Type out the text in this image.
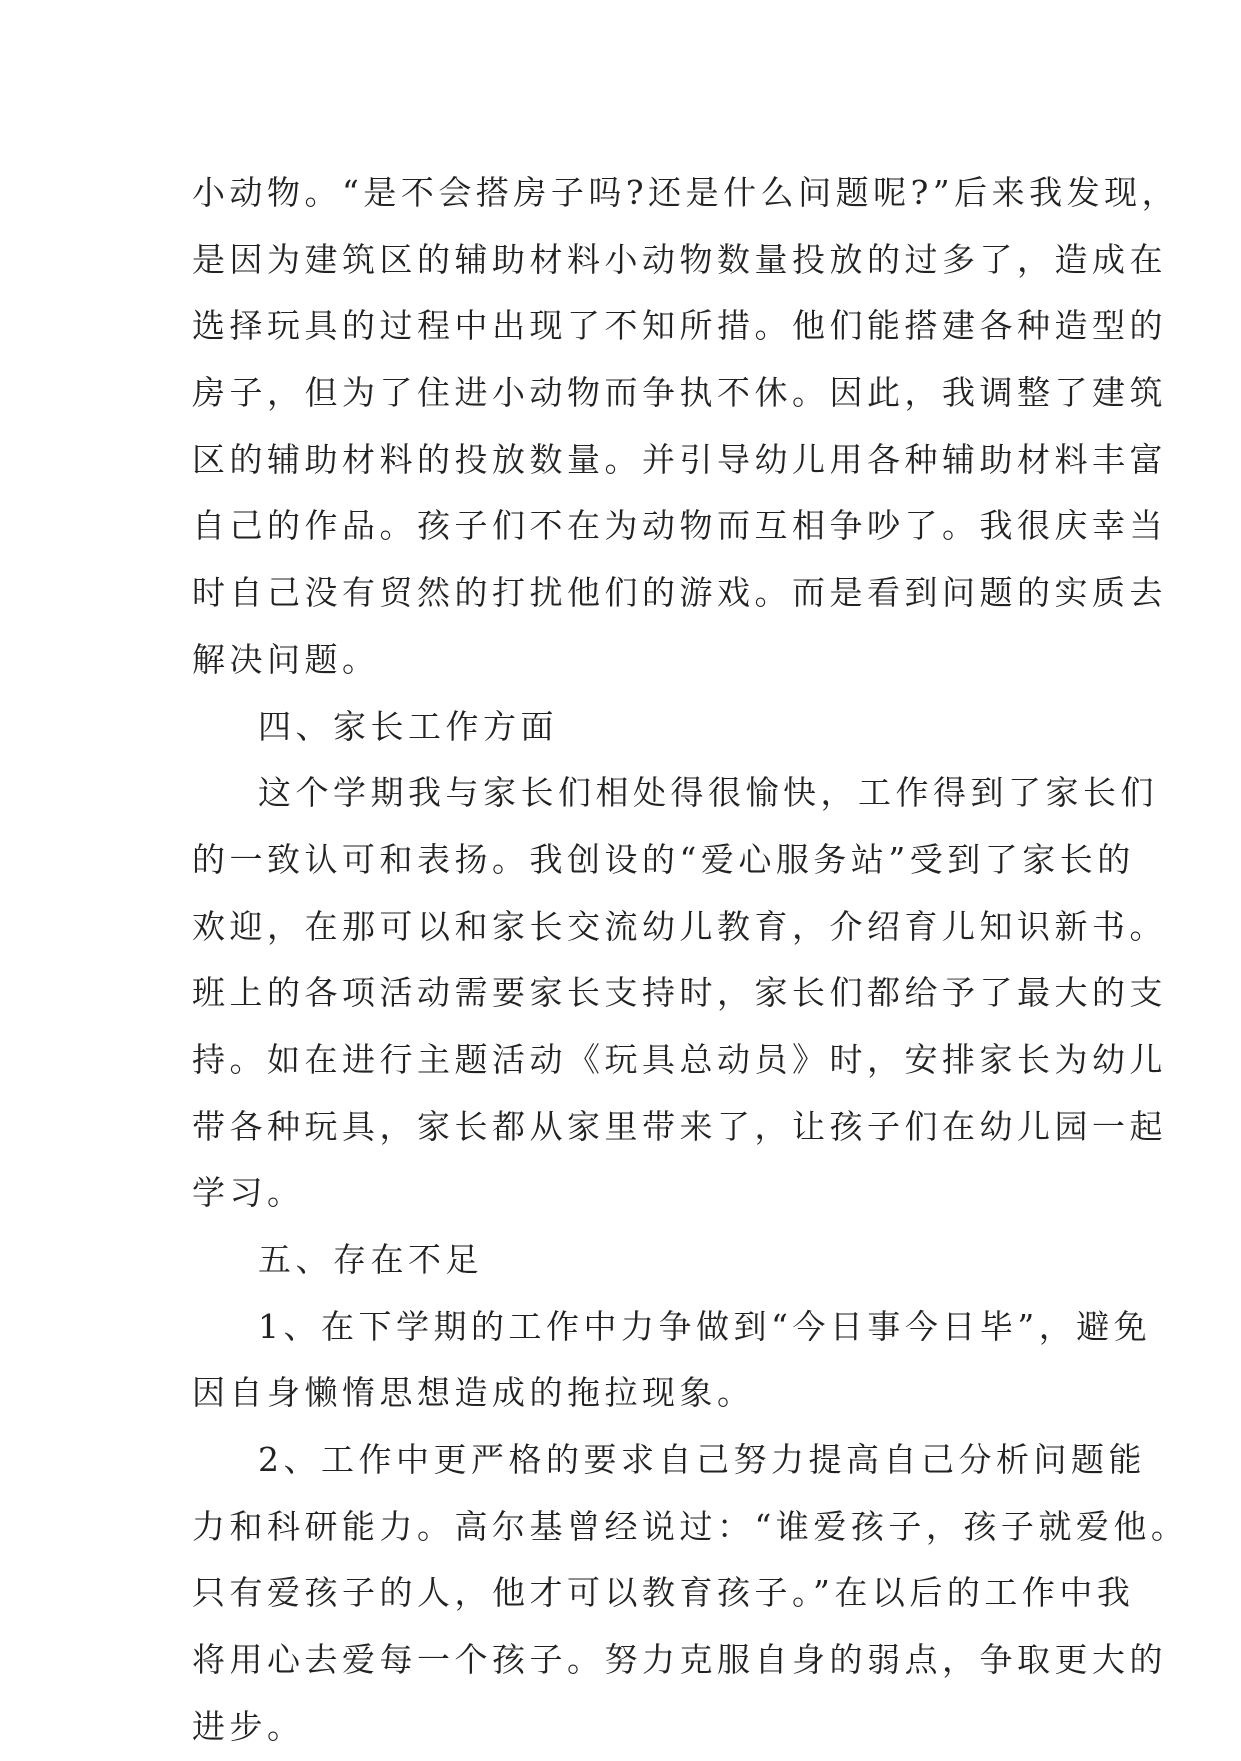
小动物。“是不会搭房子吗?还是什么问题呢?”后来我发现，
是因为建筑区的辅助材料小动物数量投放的过多了，造成在
选择玩具的过程中出现了不知所措。他们能搭建各种造型的
房子，但为了住进小动物而争执不休。因此，我调整了建筑
区的辅助材料的投放数量。并引导幼儿用各种辅助材料丰富
自己的作品。孩子们不在为动物而互相争吵了。我很庆幸当
时自己没有贸然的打扰他们的游戏。而是看到问题的实质去
解决问题。
四、家长工作方面
这个学期我与家长们相处得很愉快，工作得到了家长们
的一致认可和表扬。我创设的“爱心服务站”受到了家长的
欢迎，在那可以和家长交流幼儿教育，介绍育儿知识新书。
班上的各项活动需要家长支持时，家长们都给予了最大的支
持。如在进行主题活动《玩具总动员》时，安排家长为幼儿
带各种玩具，家长都从家里带来了，让孩子们在幼儿园一起
学习。
五、存在不足
1、在下学期的工作中力争做到“今日事今日毕”，避免
因自身懒惰思想造成的拖拉现象。
2、工作中更严格的要求自己努力提高自己分析问题能
力和科研能力。高尔基曾经说过：“谁爱孩子，孩子就爱他。
只有爱孩子的人，他才可以教育孩子。”在以后的工作中我
将用心去爱每一个孩子。努力克服自身的弱点，争取更大的
进步。
